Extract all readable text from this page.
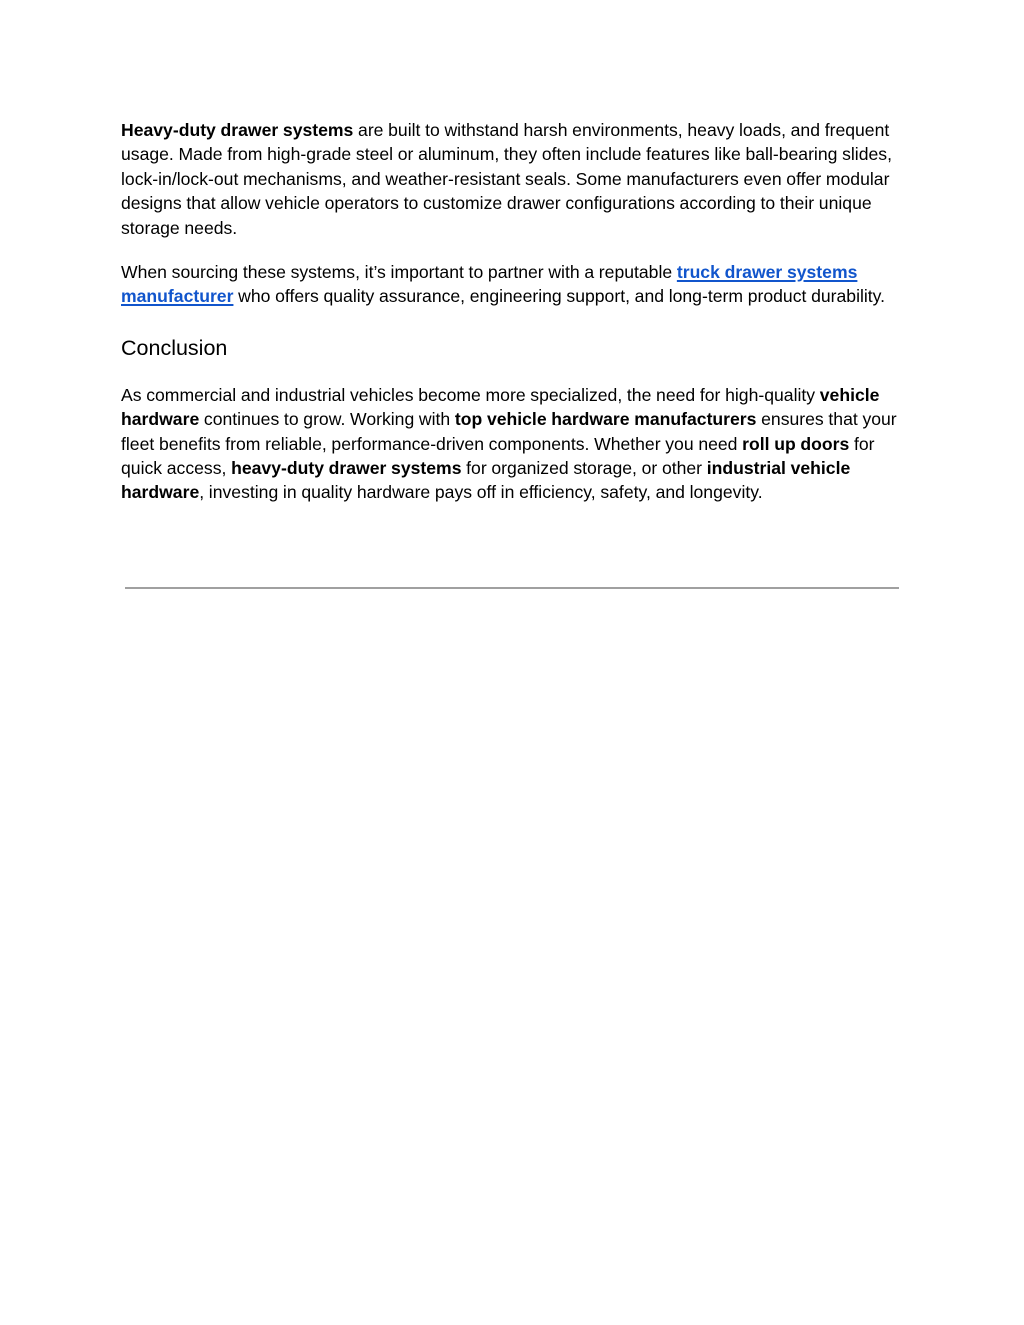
Heavy-duty drawer systems are built to withstand harsh environments, heavy loads, and frequent usage. Made from high-grade steel or aluminum, they often include features like ball-bearing slides, lock-in/lock-out mechanisms, and weather-resistant seals. Some manufacturers even offer modular designs that allow vehicle operators to customize drawer configurations according to their unique storage needs.

When sourcing these systems, it’s important to partner with a reputable truck drawer systems manufacturer who offers quality assurance, engineering support, and long-term product durability.

Conclusion

As commercial and industrial vehicles become more specialized, the need for high-quality vehicle hardware continues to grow. Working with top vehicle hardware manufacturers ensures that your fleet benefits from reliable, performance-driven components. Whether you need roll up doors for quick access, heavy-duty drawer systems for organized storage, or other industrial vehicle hardware, investing in quality hardware pays off in efficiency, safety, and longevity.
